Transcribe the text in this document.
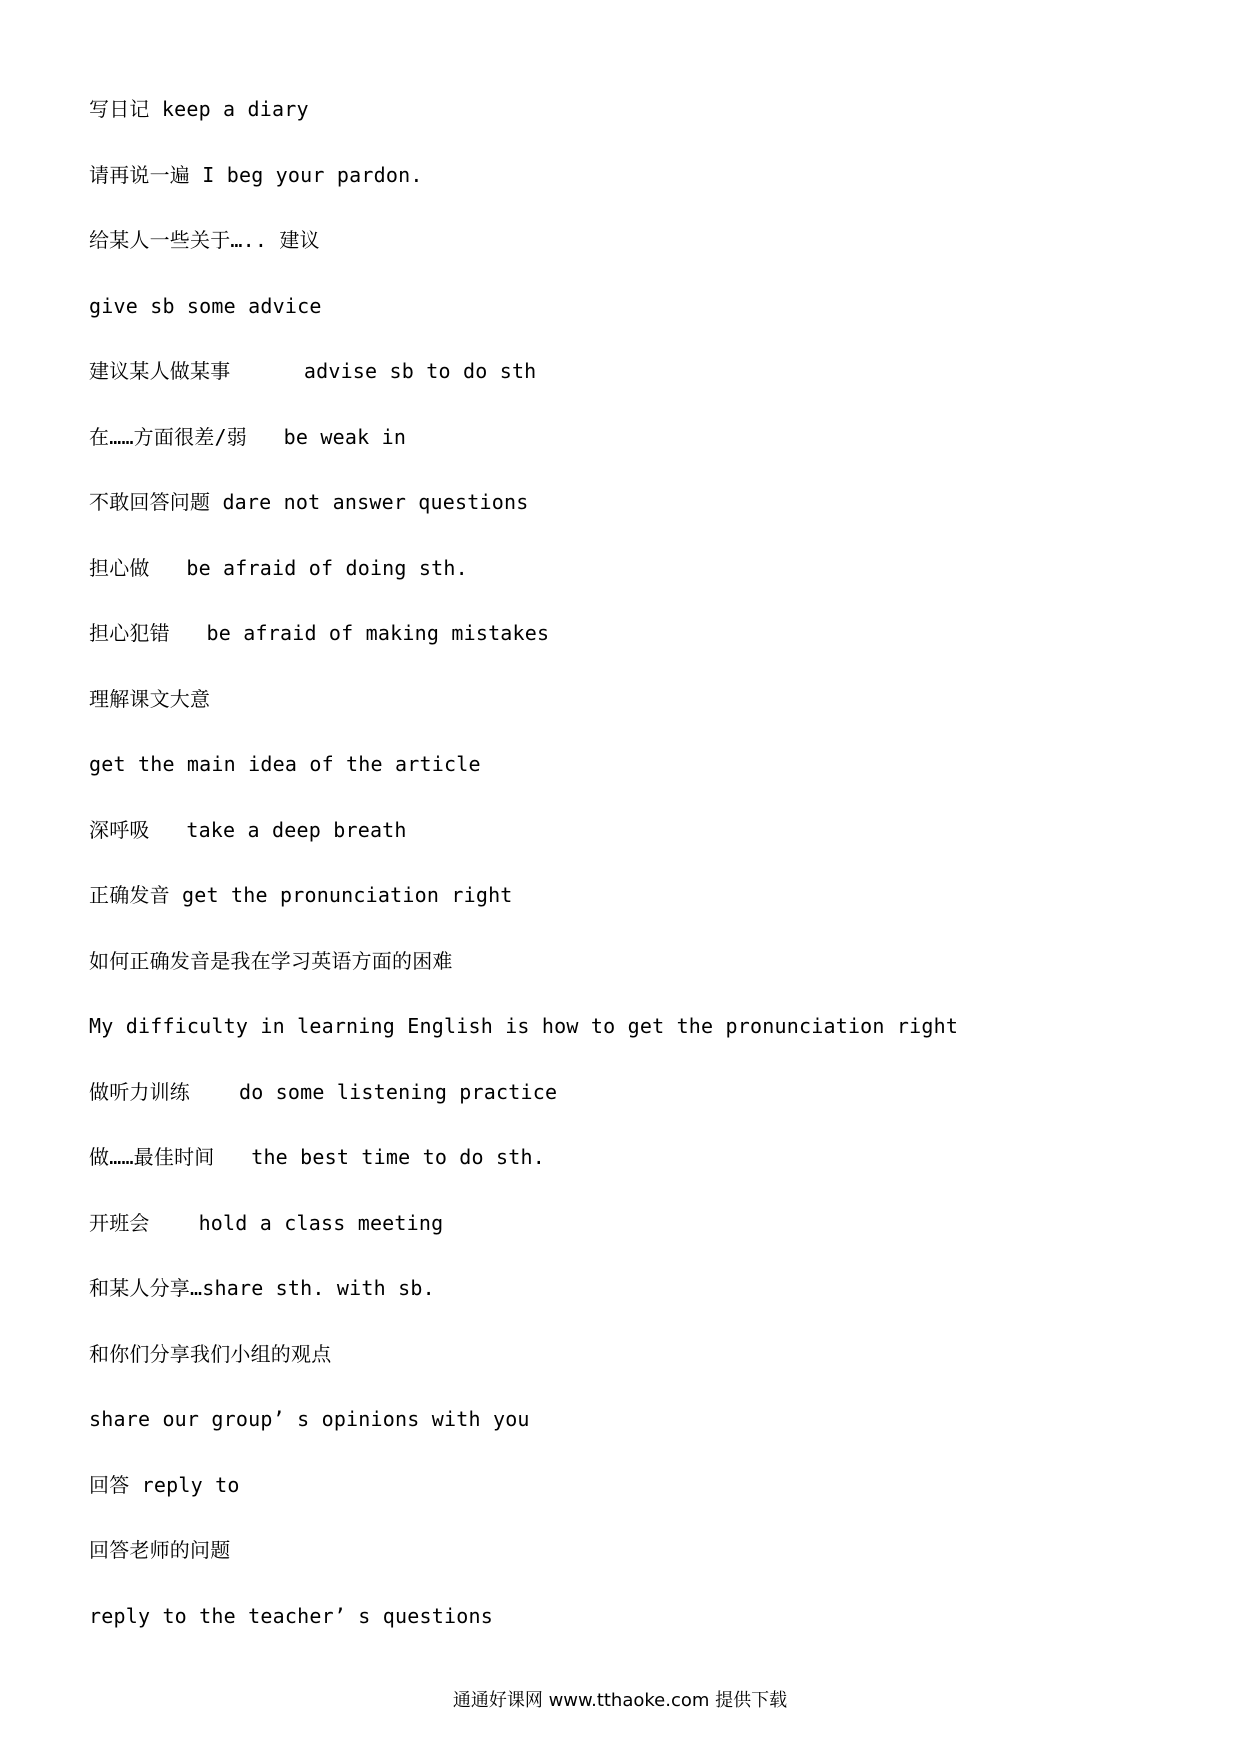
写日记 keep a diary
请再说一遍 I beg your pardon.
给某人一些关于….. 建议
give sb some advice
建议某人做某事      advise sb to do sth
在……方面很差/弱   be weak in
不敢回答问题 dare not answer questions
担心做   be afraid of doing sth.
担心犯错   be afraid of making mistakes
理解课文大意
get the main idea of the article
深呼吸   take a deep breath
正确发音 get the pronunciation right
如何正确发音是我在学习英语方面的困难
My difficulty in learning English is how to get the pronunciation right
做听力训练    do some listening practice
做……最佳时间   the best time to do sth.
开班会    hold a class meeting
和某人分享…share sth. with sb.
和你们分享我们小组的观点
share our group’ s opinions with you
回答 reply to
回答老师的问题
reply to the teacher’ s questions
通通好课网 www.tthaoke.com 提供下载
